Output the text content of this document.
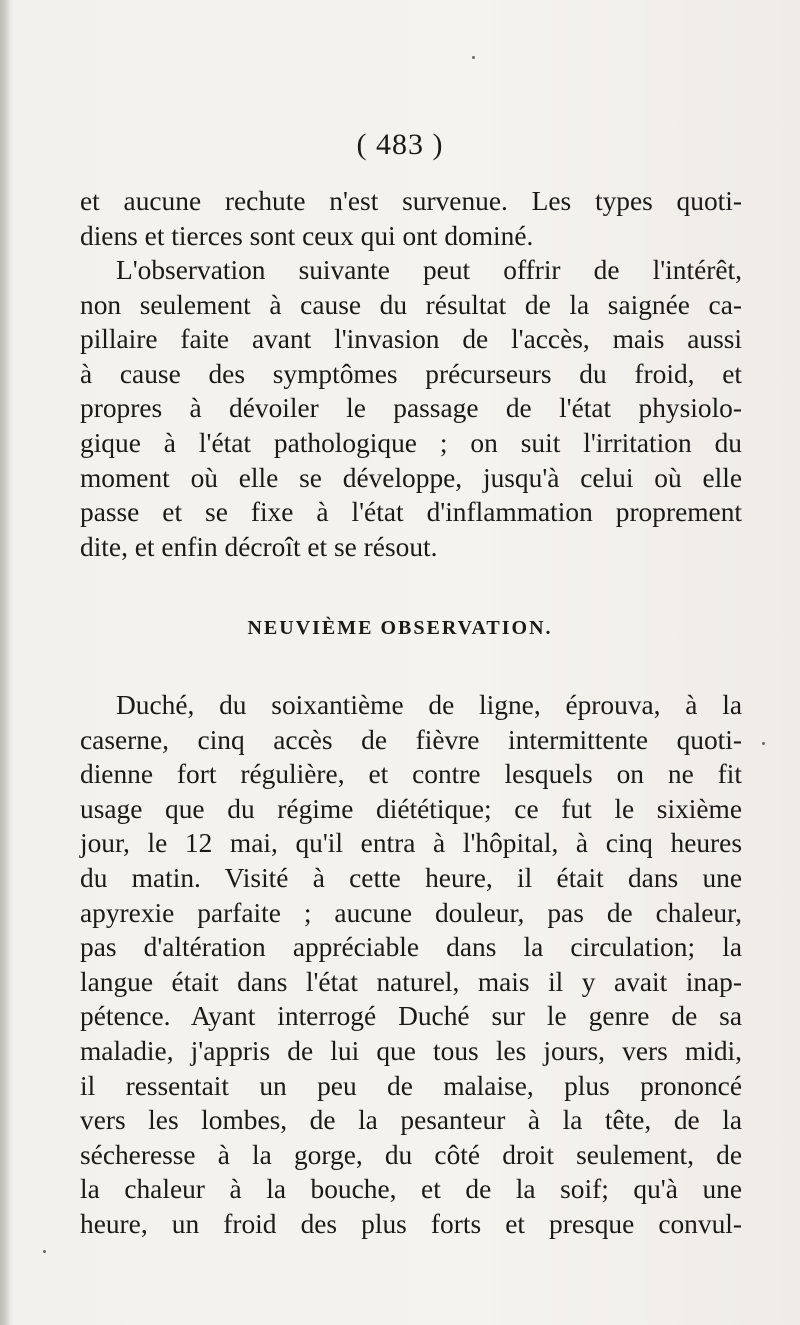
( 483 )
et aucune rechute n'est survenue. Les types quoti-
diens et tierces sont ceux qui ont dominé.
L'observation suivante peut offrir de l'intérêt,
non seulement à cause du résultat de la saignée ca-
pillaire faite avant l'invasion de l'accès, mais aussi
à cause des symptômes précurseurs du froid, et
propres à dévoiler le passage de l'état physiolo-
gique à l'état pathologique ; on suit l'irritation du
moment où elle se développe, jusqu'à celui où elle
passe et se fixe à l'état d'inflammation proprement
dite, et enfin décroît et se résout.
NEUVIÈME OBSERVATION.
Duché, du soixantième de ligne, éprouva, à la
caserne, cinq accès de fièvre intermittente quoti-
dienne fort régulière, et contre lesquels on ne fit
usage que du régime diététique; ce fut le sixième
jour, le 12 mai, qu'il entra à l'hôpital, à cinq heures
du matin. Visité à cette heure, il était dans une
apyrexie parfaite ; aucune douleur, pas de chaleur,
pas d'altération appréciable dans la circulation; la
langue était dans l'état naturel, mais il y avait inap-
pétence. Ayant interrogé Duché sur le genre de sa
maladie, j'appris de lui que tous les jours, vers midi,
il ressentait un peu de malaise, plus prononcé
vers les lombes, de la pesanteur à la tête, de la
sécheresse à la gorge, du côté droit seulement, de
la chaleur à la bouche, et de la soif; qu'à une
heure, un froid des plus forts et presque convul-
